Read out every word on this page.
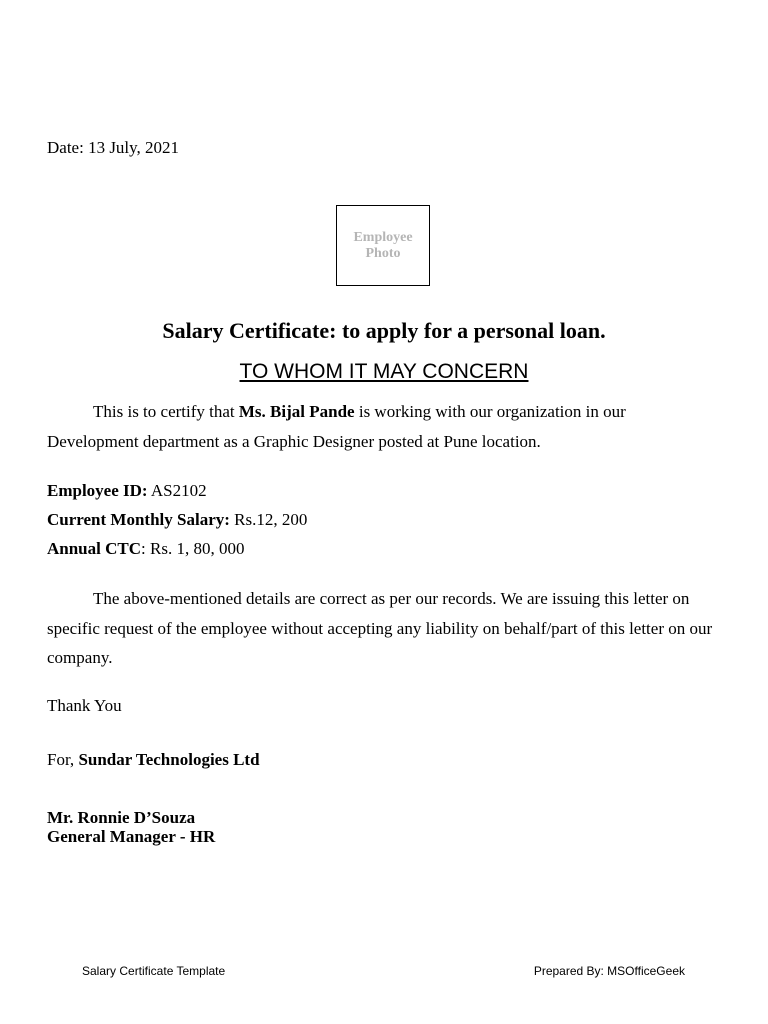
Date: 13 July, 2021
Employee
Photo
Salary Certificate: to apply for a personal loan.
TO WHOM IT MAY CONCERN
This is to certify that Ms. Bijal Pande is working with our organization in our Development department as a Graphic Designer posted at Pune location.
Employee ID: AS2102
Current Monthly Salary: Rs.12, 200
Annual CTC: Rs. 1, 80, 000
The above-mentioned details are correct as per our records. We are issuing this letter on specific request of the employee without accepting any liability on behalf/part of this letter on our company.
Thank You
For, Sundar Technologies Ltd
Mr. Ronnie D’Souza
General Manager - HR
Salary Certificate Template	Prepared By: MSOfficeGeek
